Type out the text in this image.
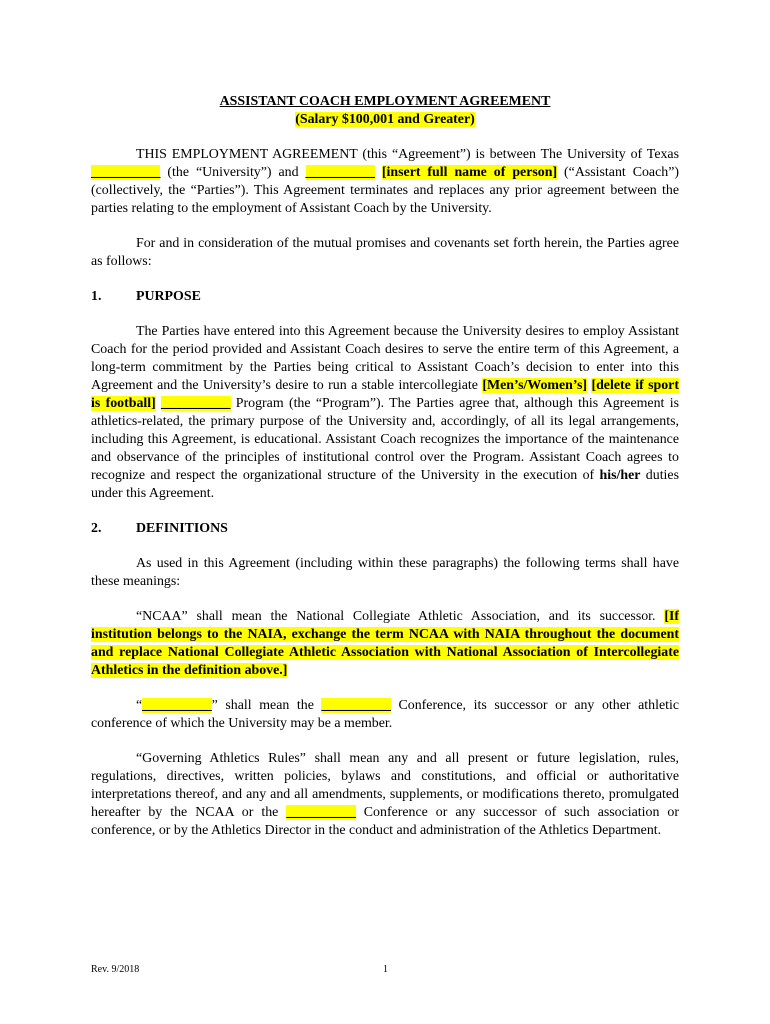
ASSISTANT COACH EMPLOYMENT AGREEMENT

(Salary $100,001 and Greater)

THIS EMPLOYMENT AGREEMENT (this “Agreement”) is between The University of Texas __________ (the “University”) and __________ [insert full name of person] (“Assistant Coach”) (collectively, the “Parties”). This Agreement terminates and replaces any prior agreement between the parties relating to the employment of Assistant Coach by the University.

For and in consideration of the mutual promises and covenants set forth herein, the Parties agree as follows:

1. PURPOSE

The Parties have entered into this Agreement because the University desires to employ Assistant Coach for the period provided and Assistant Coach desires to serve the entire term of this Agreement, a long-term commitment by the Parties being critical to Assistant Coach’s decision to enter into this Agreement and the University’s desire to run a stable intercollegiate [Men’s/Women’s] [delete if sport is football] __________ Program (the “Program”). The Parties agree that, although this Agreement is athletics-related, the primary purpose of the University and, accordingly, of all its legal arrangements, including this Agreement, is educational. Assistant Coach recognizes the importance of the maintenance and observance of the principles of institutional control over the Program. Assistant Coach agrees to recognize and respect the organizational structure of the University in the execution of his/her duties under this Agreement.

2. DEFINITIONS

As used in this Agreement (including within these paragraphs) the following terms shall have these meanings:

“NCAA” shall mean the National Collegiate Athletic Association, and its successor. [If institution belongs to the NAIA, exchange the term NCAA with NAIA throughout the document and replace National Collegiate Athletic Association with National Association of Intercollegiate Athletics in the definition above.]

“__________” shall mean the __________ Conference, its successor or any other athletic conference of which the University may be a member.

“Governing Athletics Rules” shall mean any and all present or future legislation, rules, regulations, directives, written policies, bylaws and constitutions, and official or authoritative interpretations thereof, and any and all amendments, supplements, or modifications thereto, promulgated hereafter by the NCAA or the __________ Conference or any successor of such association or conference, or by the Athletics Director in the conduct and administration of the Athletics Department.

Rev. 9/2018	1
